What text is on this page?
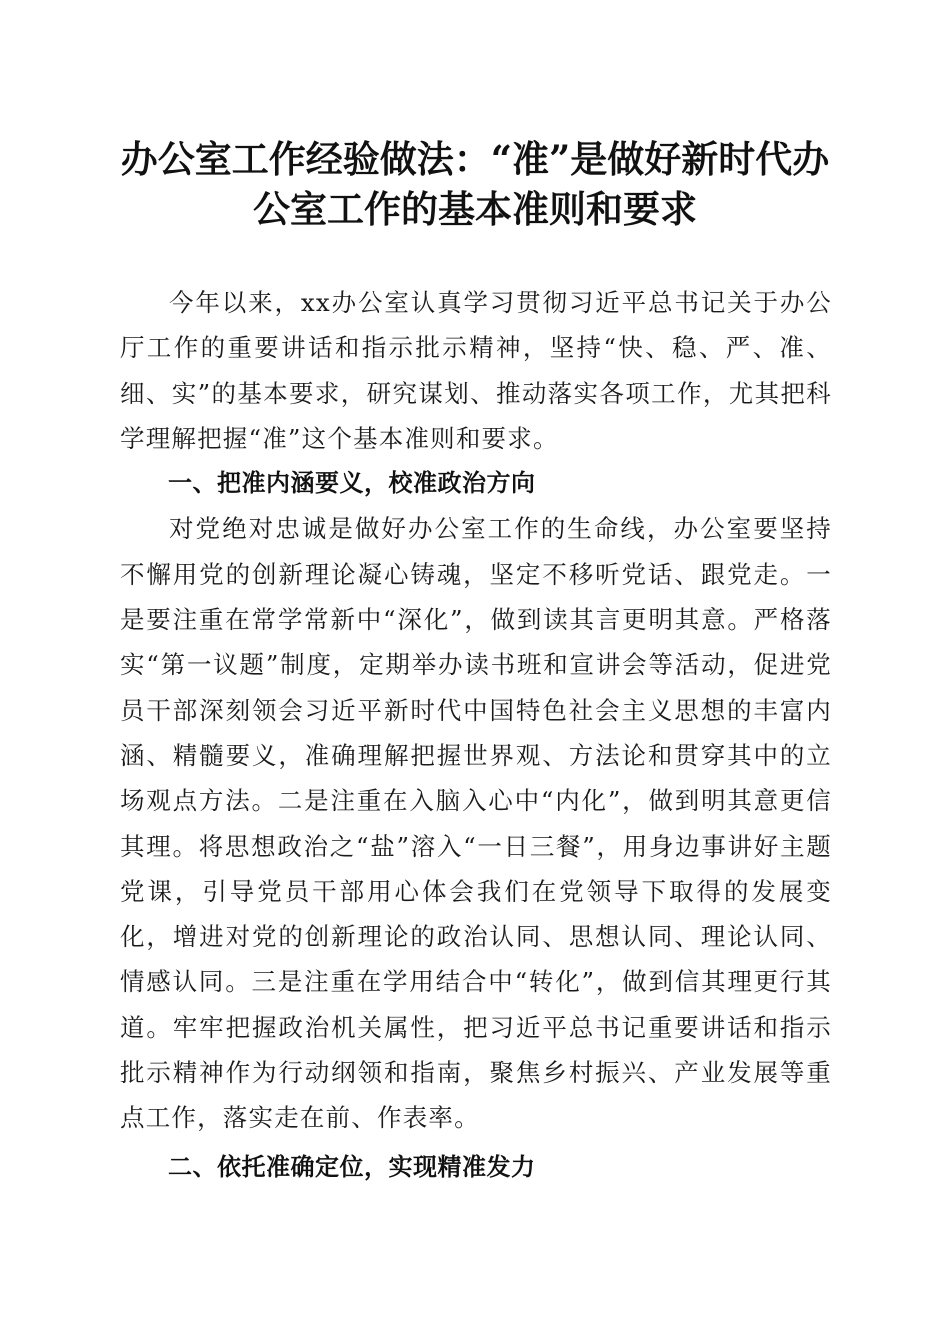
办公室工作经验做法：“准”是做好新时代办
公室工作的基本准则和要求

今年以来，xx办公室认真学习贯彻习近平总书记关于办公厅工作的重要讲话和指示批示精神，坚持“快、稳、严、准、细、实”的基本要求，研究谋划、推动落实各项工作，尤其把科学理解把握“准”这个基本准则和要求。

一、把准内涵要义，校准政治方向

对党绝对忠诚是做好办公室工作的生命线，办公室要坚持不懈用党的创新理论凝心铸魂，坚定不移听党话、跟党走。一是要注重在常学常新中“深化”，做到读其言更明其意。严格落实“第一议题”制度，定期举办读书班和宣讲会等活动，促进党员干部深刻领会习近平新时代中国特色社会主义思想的丰富内涵、精髓要义，准确理解把握世界观、方法论和贯穿其中的立场观点方法。二是注重在入脑入心中“内化”，做到明其意更信其理。将思想政治之“盐”溶入“一日三餐”，用身边事讲好主题党课，引导党员干部用心体会我们在党领导下取得的发展变化，增进对党的创新理论的政治认同、思想认同、理论认同、情感认同。三是注重在学用结合中“转化”，做到信其理更行其道。牢牢把握政治机关属性，把习近平总书记重要讲话和指示批示精神作为行动纲领和指南，聚焦乡村振兴、产业发展等重点工作，落实走在前、作表率。

二、依托准确定位，实现精准发力
